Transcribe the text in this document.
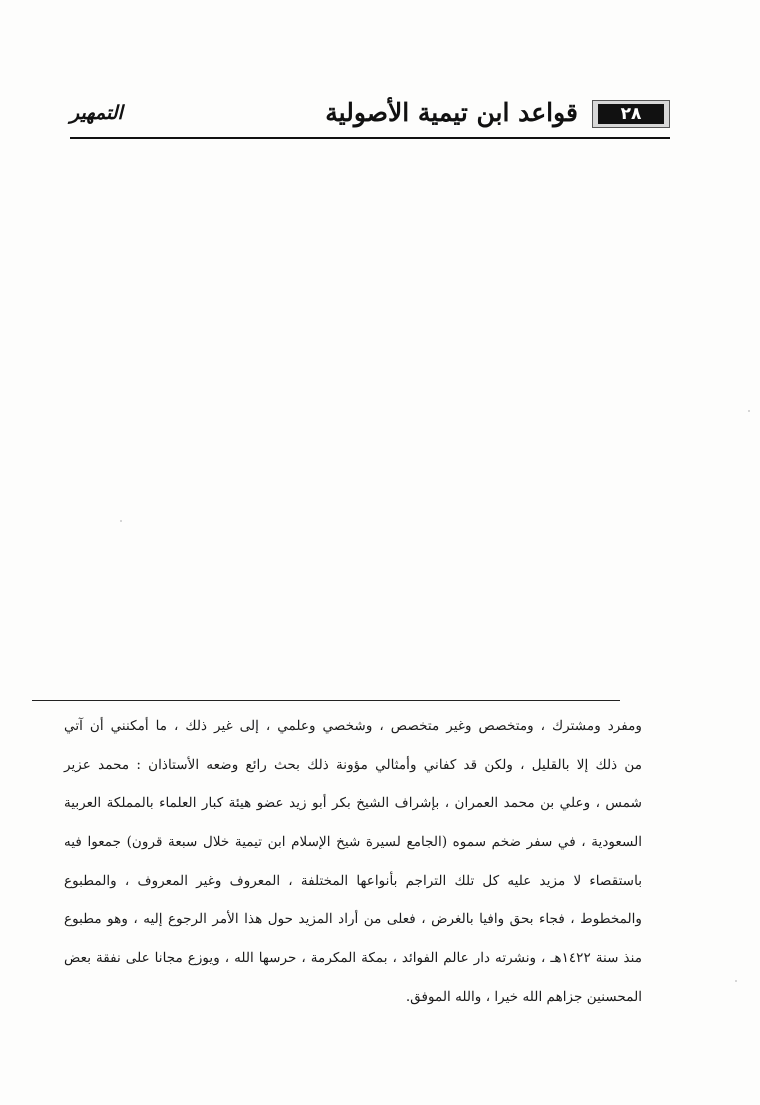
٢٨
قواعد ابن تيمية الأصولية
التمهير
ومفرد ومشترك ، ومتخصص وغير متخصص ، وشخصي وعلمي ، إلى غير ذلك ، ما أمكنني أن آتي
من ذلك إلا بالقليل ، ولكن قد كفاني وأمثالي مؤونة ذلك بحث رائع وضعه الأستاذان : محمد عزير
شمس ، وعلي بن محمد العمران ، بإشراف الشيخ بكر أبو زيد عضو هيئة كبار العلماء بالمملكة العربية
السعودية ، في سفر ضخم سموه (الجامع لسيرة شيخ الإسلام ابن تيمية خلال سبعة قرون) جمعوا فيه
باستقصاء لا مزيد عليه كل تلك التراجم بأنواعها المختلفة ، المعروف وغير المعروف ، والمطبوع
والمخطوط ، فجاء بحق وافيا بالغرض ، فعلى من أراد المزيد حول هذا الأمر الرجوع إليه ، وهو مطبوع
منذ سنة ١٤٢٢هـ ، ونشرته دار عالم الفوائد ، بمكة المكرمة ، حرسها الله ، ويوزع مجانا على نفقة بعض
المحسنين جزاهم الله خيرا ، والله الموفق.
